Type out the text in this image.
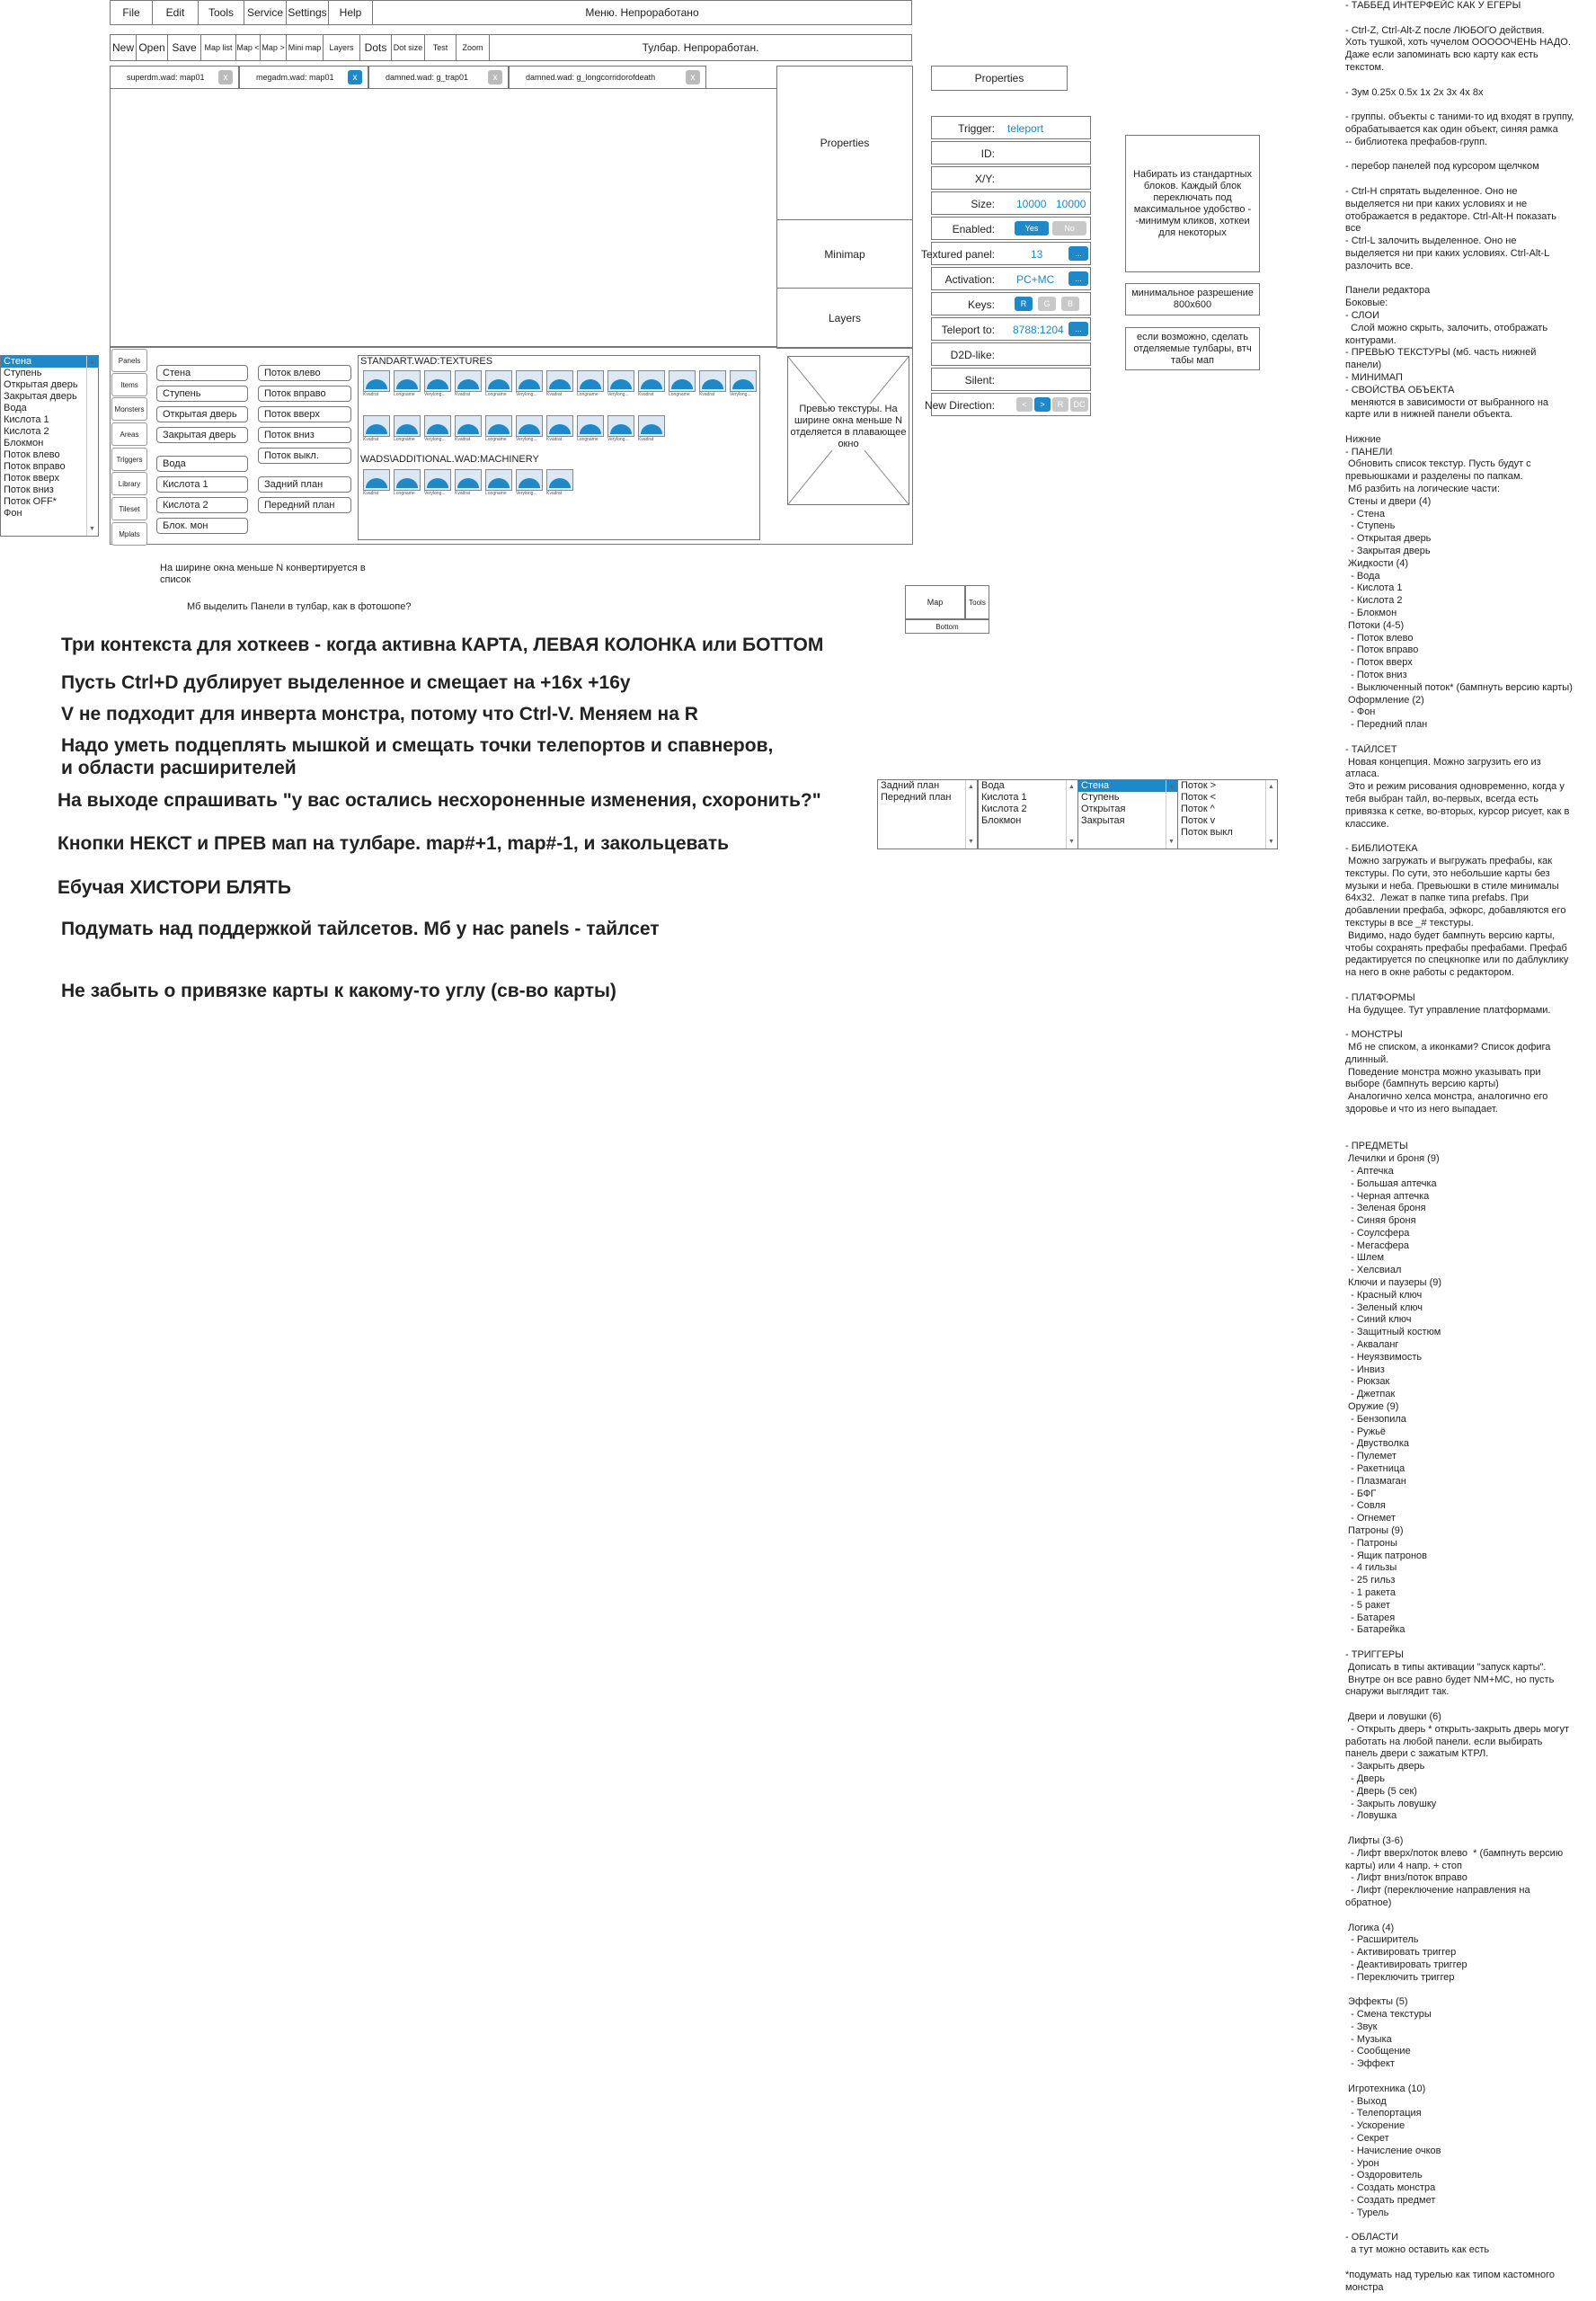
File	Edit	Tools	Service Settings	Help	Меню. Непроработано
New Open Save Map list Map < Map > Mini map	Layers	Dots Dot size	Test	Zoom	Тулбар. Непроработан.
superdm.wad: map01	x	megadm.wad: map01	x	damned.wad: g_trap01	x	damned.wad: g_longcorridorofdeath	x
Properties
Minimap
Layers
Стена
Ступень
Открытая дверь
Закрытая дверь
Вода
Кислота 1
Кислота 2
Блокмон
Поток влево
Поток вправо
Поток вверх
Поток вниз
Поток OFF*
Фон
▲ ▼
Panels
Items
Monsters
Areas
Triggers
Library
Tileset
Mplats
Стена
Ступень
Открытая дверь
Закрытая дверь
Вода
Кислота 1
Кислота 2
Блок. мон
Поток влево
Поток вправо
Поток вверх
Поток вниз
Поток выкл.
Задний план
Передний план
STANDART.WAD:TEXTURES
Kvadrat	Longname	Verylong...	Kvadrat	Longname	Verylong...	Kvadrat	Longname	Verylong...	Kvadrat	Longname	Kvadrat	Verylong...
Kvadrat	Longname	Verylong...	Kvadrat	Longname	Verylong...	Kvadrat	Longname	Verylong...	Kvadrat
WADS\ADDITIONAL.WAD:MACHINERY
Kvadrat	Longname	Verylong...	Kvadrat	Longname	Verylong...	Kvadrat
Превью текстуры. На ширине окна меньше N отделяется в плавающее окно
Properties
Trigger: teleport
ID:
X/Y:
Size: 10000 10000
Enabled:	Yes	No
Textured panel:	13	...
Activation: PC+MC	...
Keys:	R	G	B
Teleport to: 8788:1204	...
D2D-like:
Silent:
New Direction:	<	>	R	DC
Набирать из стандартных блоков. Каждый блок переключать под максимальное удобство - -минимум кликов, хоткеи для некоторых
минимальное разрешение 800x600
если возможно, сделать отделяемые тулбары, втч табы мап
На ширине окна меньше N конвертируется в список
Мб выделить Панели в тулбар, как в фотошопе?	Map	Tools
Bottom
Три контекста для хоткеев - когда активна КАРТА, ЛЕВАЯ КОЛОНКА или БОТТОМ
Пусть Ctrl+D дублирует выделенное и смещает на +16х +16у
V не подходит для инверта монстра, потому что Ctrl-V. Меняем на R
Надо уметь подцеплять мышкой и смещать точки телепортов и спавнеров,
и области расширителей
На выходе спрашивать "у вас остались несхороненные изменения, схоронить?"
Кнопки НЕКСТ и ПРЕВ мап на тулбаре. map#+1, map#-1, и закольцевать
Ебучая ХИСТОРИ БЛЯТЬ
Подумать над поддержкой тайлсетов. Мб у нас panels - тайлсет
Не забыть о привязке карты к какому-то углу (св-во карты)
Задний план
Передний план
▲ ▼
Вода
Кислота 1
Кислота 2
Блокмон
▲ ▼
Стена
Ступень
Открытая
Закрытая
▲ ▼
Поток >
Поток <
Поток ^
Поток v
Поток выкл
▲ ▼
- ТАББЕД ИНТЕРФЕЙС КАК У ЕГЕРЫ
- Ctrl-Z, Ctrl-Alt-Z после ЛЮБОГО действия.
Хоть тушкой, хоть чучелом ОООООЧЕНЬ НАДО.
Даже если запоминать всю карту как есть
текстом.
- Зум 0.25x 0.5x 1x 2x 3x 4x 8x
- группы. объекты с таними-то ид входят в группу,
обрабатывается как один объект, синяя рамка
-- библиотека префабов-групп.
- перебор панелей под курсором щелчком
- Ctrl-H спрятать выделенное. Оно не
выделяется ни при каких условиях и не
отображается в редакторе. Ctrl-Alt-H показать
все
- Ctrl-L залочить выделенное. Оно не
выделяется ни при каких условиях. Ctrl-Alt-L
разлочить все.
Панели редактора
Боковые:
- СЛОИ
Слой можно скрыть, залочить, отображать
контурами.
- ПРЕВЬЮ ТЕКСТУРЫ (мб. часть нижней
панели)
- МИНИМАП
- СВОЙСТВА ОБЪЕКТА
меняются в зависимости от выбранного на
карте или в нижней панели объекта.
Нижние
- ПАНЕЛИ
Обновить список текстур. Пусть будут с
превьюшками и разделены по папкам.
Мб разбить на логические части:
Стены и двери (4)
- Стена
- Ступень
- Открытая дверь
- Закрытая дверь
Жидкости (4)
- Вода
- Кислота 1
- Кислота 2
- Блокмон
Потоки (4-5)
- Поток влево
- Поток вправо
- Поток вверх
- Поток вниз
- Выключенный поток* (бампнуть версию карты)
Оформление (2)
- Фон
- Передний план
- ТАЙЛСЕТ
Новая концепция. Можно загрузить его из
атласа.
Это и режим рисования одновременно, когда у
тебя выбран тайл, во-первых, всегда есть
привязка к сетке, во-вторых, курсор рисует, как в
классике.
- БИБЛИОТЕКА
Можно загружать и выгружать префабы, как
текстуры. По сути, это небольшие карты без
музыки и неба. Превьюшки в стиле минималы
64x32.  Лежат в папке типа prefabs. При
добавлении префаба, эфкорс, добавляются его
текстуры в все _# текстуры.
Видимо, надо будет бампнуть версию карты,
чтобы сохранять префабы префабами. Префаб
редактируется по спецкнопке или по даблуклику
на него в окне работы с редактором.
- ПЛАТФОРМЫ
На будущее. Тут управление платформами.
- МОНСТРЫ
Мб не списком, а иконками? Список дофига
длинный.
Поведение монстра можно указывать при
выборе (бампнуть версию карты)
Аналогично хелса монстра, аналогично его
здоровье и что из него выпадает.
- ПРЕДМЕТЫ
Лечилки и броня (9)
- Аптечка
- Большая аптечка
- Черная аптечка
- Зеленая броня
- Синяя броня
- Соулсфера
- Мегасфера
- Шлем
- Хелсвиал
Ключи и паузеры (9)
- Красный ключ
- Зеленый ключ
- Синий ключ
- Защитный костюм
- Акваланг
- Неуязвимость
- Инвиз
- Рюкзак
- Джетпак
Оружие (9)
- Бензопила
- Ружьё
- Двустволка
- Пулемет
- Ракетница
- Плазмаган
- БФГ
- Совля
- Огнемет
Патроны (9)
- Патроны
- Ящик патронов
- 4 гильзы
- 25 гильз
- 1 ракета
- 5 ракет
- Батарея
- Батарейка
- ТРИГГЕРЫ
Дописать в типы активации "запуск карты".
Внутре он все равно будет NM+MC, но пусть
снаружи выглядит так.
Двери и ловушки (6)
- Открыть дверь * открыть-закрыть дверь могут
работать на любой панели. если выбирать
панель двери с зажатым КТРЛ.
- Закрыть дверь
- Дверь
- Дверь (5 сек)
- Закрыть ловушку
- Ловушка
Лифты (3-6)
- Лифт вверх/поток влево  * (бампнуть версию
карты) или 4 напр. + стоп
- Лифт вниз/поток вправо
- Лифт (переключение направления на
обратное)
Логика (4)
- Расширитель
- Активировать триггер
- Деактивировать триггер
- Переключить триггер
Эффекты (5)
- Смена текстуры
- Звук
- Музыка
- Сообщение
- Эффект
Игротехника (10)
- Выход
- Телепортация
- Ускорение
- Секрет
- Начисление очков
- Урон
- Оздоровитель
- Создать монстра
- Создать предмет
- Турель
- ОБЛАСТИ
а тут можно оставить как есть
*подумать над турелью как типом кастомного
монстра
